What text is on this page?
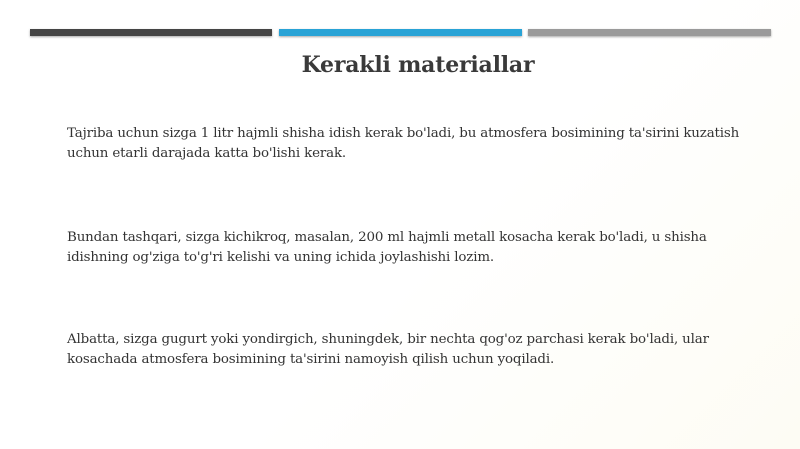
Kerakli materiallar

Tajriba uchun sizga 1 litr hajmli shisha idish kerak bo'ladi, bu atmosfera bosimining ta'sirini kuzatish uchun etarli darajada katta bo'lishi kerak.

Bundan tashqari, sizga kichikroq, masalan, 200 ml hajmli metall kosacha kerak bo'ladi, u shisha idishning og'ziga to'g'ri kelishi va uning ichida joylashishi lozim.

Albatta, sizga gugurt yoki yondirgich, shuningdek, bir nechta qog'oz parchasi kerak bo'ladi, ular kosachada atmosfera bosimining ta'sirini namoyish qilish uchun yoqiladi.
